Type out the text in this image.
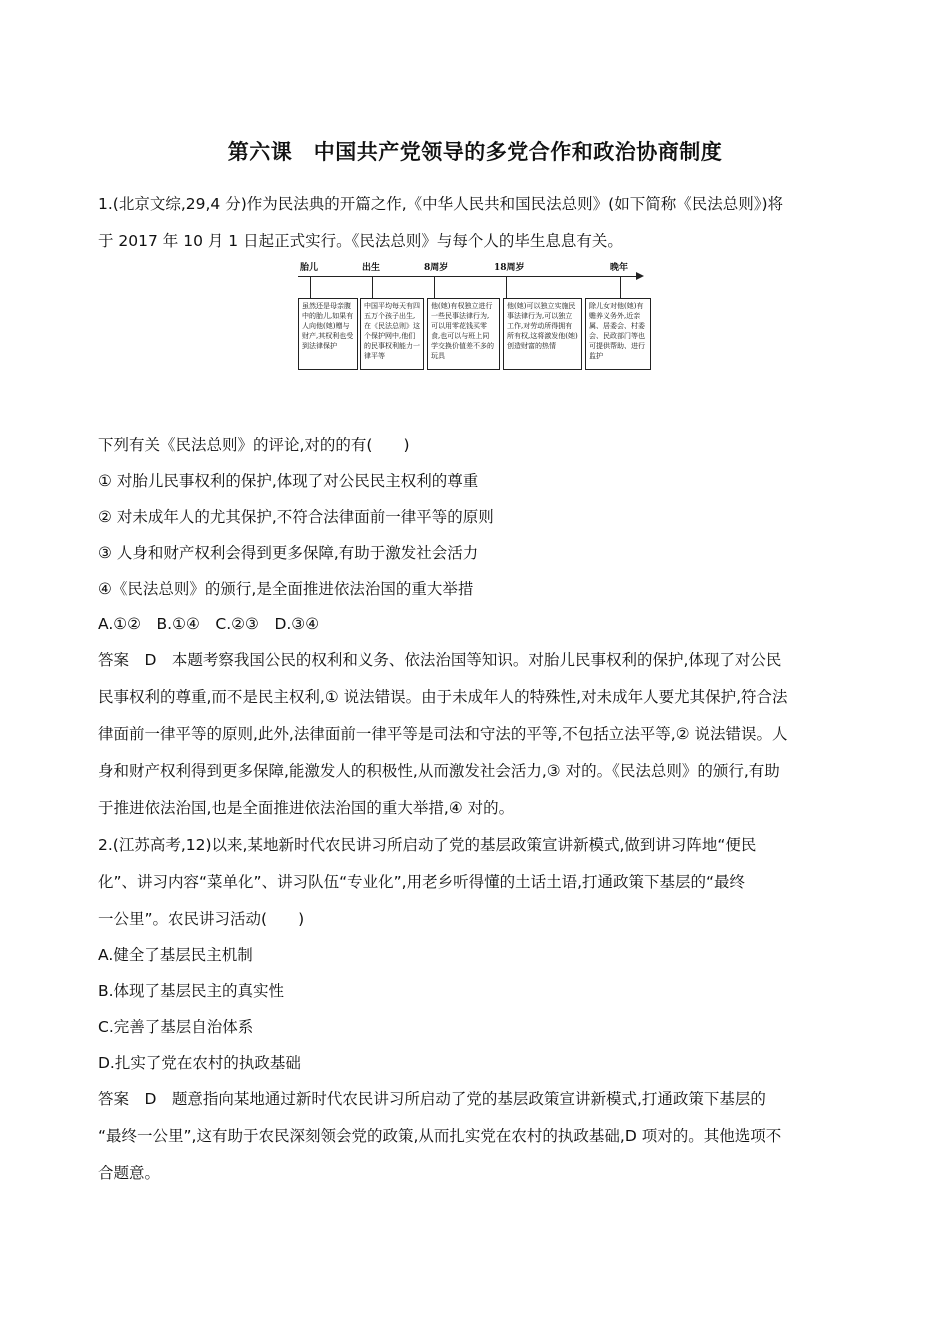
第六课　中国共产党领导的多党合作和政治协商制度
1.(北京文综,29,4 分)作为民法典的开篇之作,《中华人民共和国民法总则》(如下简称《民法总则》)将
于 2017 年 10 月 1 日起正式实行。《民法总则》与每个人的毕生息息有关。
胎儿	出生	8周岁	18周岁	晚年
虽然还是母亲腹中的胎儿,如果有人向他(她)赠与财产,其权利也受到法律保护
中国平均每天有四五万个孩子出生,在《民法总则》这个保护网中,他们的民事权利能力一律平等
他(她)有权独立进行一些民事法律行为,可以用零花钱买零食,也可以与班上同学交换价值差不多的玩具
他(她)可以独立实施民事法律行为,可以独立工作,对劳动所得拥有所有权,这将激发他(她)创造财富的热情
除儿女对他(她)有赡养义务外,近亲属、居委会、村委会、民政部门等也可提供帮助、进行监护
下列有关《民法总则》的评论,对的的有(　　)
① 对胎儿民事权利的保护,体现了对公民民主权利的尊重
② 对未成年人的尤其保护,不符合法律面前一律平等的原则
③ 人身和财产权利会得到更多保障,有助于激发社会活力
④《民法总则》的颁行,是全面推进依法治国的重大举措
A.①②　B.①④　C.②③　D.③④
答案　D　本题考察我国公民的权利和义务、依法治国等知识。对胎儿民事权利的保护,体现了对公民
民事权利的尊重,而不是民主权利,① 说法错误。由于未成年人的特殊性,对未成年人要尤其保护,符合法
律面前一律平等的原则,此外,法律面前一律平等是司法和守法的平等,不包括立法平等,② 说法错误。人
身和财产权利得到更多保障,能激发人的积极性,从而激发社会活力,③ 对的。《民法总则》的颁行,有助
于推进依法治国,也是全面推进依法治国的重大举措,④ 对的。
2.(江苏高考,12)以来,某地新时代农民讲习所启动了党的基层政策宣讲新模式,做到讲习阵地“便民
化”、讲习内容“菜单化”、讲习队伍“专业化”,用老乡听得懂的土话土语,打通政策下基层的“最终
一公里”。农民讲习活动(　　)
A.健全了基层民主机制
B.体现了基层民主的真实性
C.完善了基层自治体系
D.扎实了党在农村的执政基础
答案　D　题意指向某地通过新时代农民讲习所启动了党的基层政策宣讲新模式,打通政策下基层的
“最终一公里”,这有助于农民深刻领会党的政策,从而扎实党在农村的执政基础,D 项对的。其他选项不
合题意。
